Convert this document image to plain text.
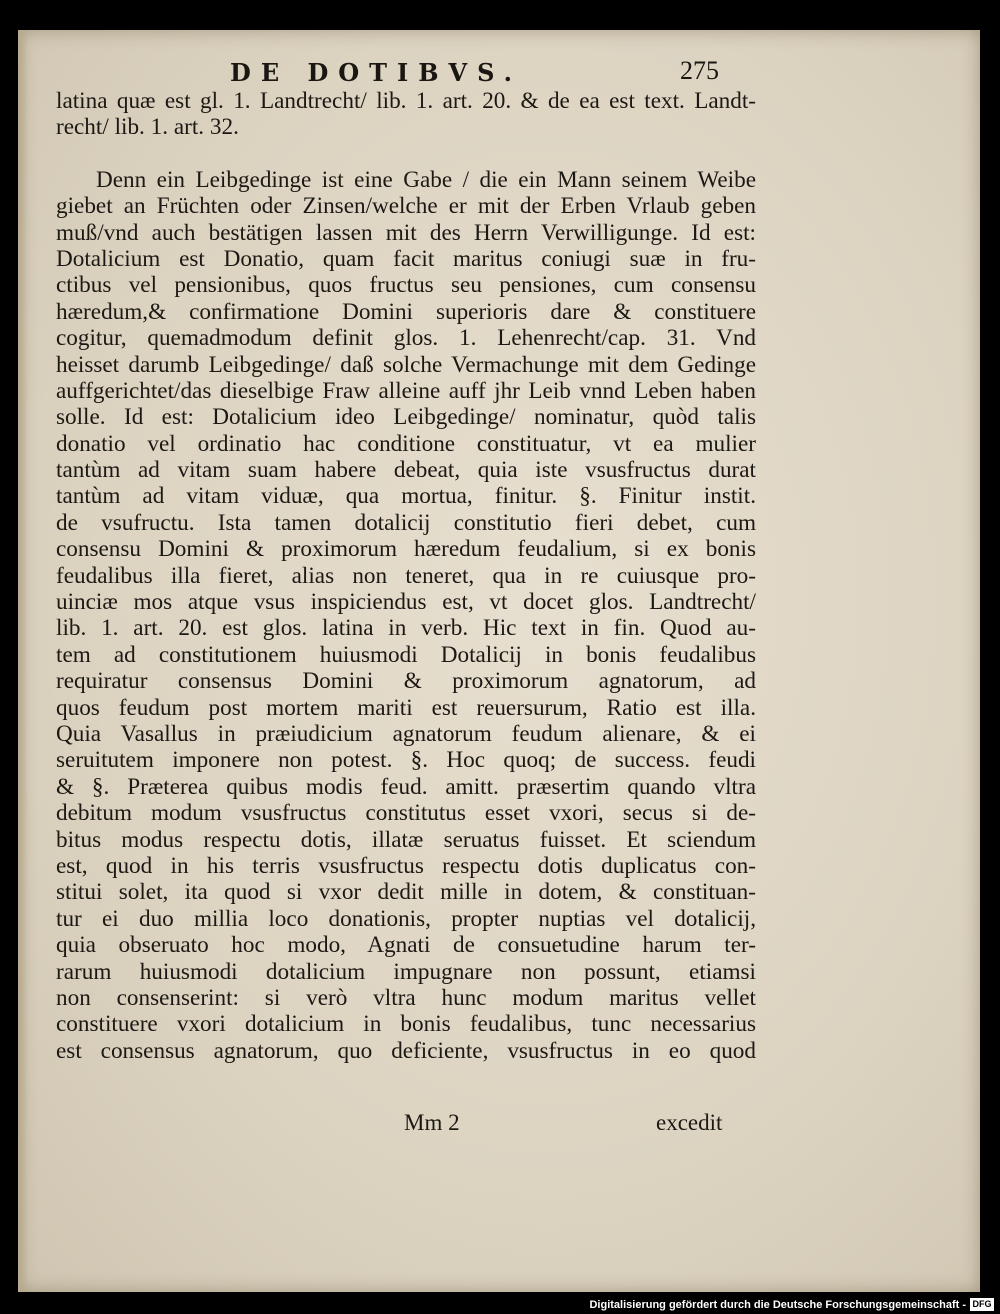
DE DOTIBVS.	275
latina quæ est gl. 1. Landtrecht/ lib. 1. art. 20. & de ea est text. Landt-
recht/ lib. 1. art. 32.
Denn ein Leibgedinge ist eine Gabe / die ein Mann seinem Weibe
giebet an Früchten oder Zinsen/welche er mit der Erben Vrlaub geben
muß/vnd auch bestätigen lassen mit des Herrn Verwilligunge. Id est:
Dotalicium est Donatio, quam facit maritus coniugi suæ in fru-
ctibus vel pensionibus, quos fructus seu pensiones, cum consensu
hæredum,& confirmatione Domini superioris dare & constituere
cogitur, quemadmodum definit glos. 1. Lehenrecht/cap. 31. Vnd
heisset darumb Leibgedinge/ daß solche Vermachunge mit dem Gedinge
auffgerichtet/das dieselbige Fraw alleine auff jhr Leib vnnd Leben haben
solle. Id est: Dotalicium ideo Leibgedinge/ nominatur, quòd talis
donatio vel ordinatio hac conditione constituatur, vt ea mulier
tantùm ad vitam suam habere debeat, quia iste vsusfructus durat
tantùm ad vitam viduæ, qua mortua, finitur. §. Finitur instit.
de vsufructu. Ista tamen dotalicij constitutio fieri debet, cum
consensu Domini & proximorum hæredum feudalium, si ex bonis
feudalibus illa fieret, alias non teneret, qua in re cuiusque pro-
uinciæ mos atque vsus inspiciendus est, vt docet glos. Landtrecht/
lib. 1. art. 20. est glos. latina in verb. Hic text in fin. Quod au-
tem ad constitutionem huiusmodi Dotalicij in bonis feudalibus
requiratur consensus Domini & proximorum agnatorum, ad
quos feudum post mortem mariti est reuersurum, Ratio est illa.
Quia Vasallus in præiudicium agnatorum feudum alienare, & ei
seruitutem imponere non potest. §. Hoc quoq; de success. feudi
& §. Præterea quibus modis feud. amitt. præsertim quando vltra
debitum modum vsusfructus constitutus esset vxori, secus si de-
bitus modus respectu dotis, illatæ seruatus fuisset. Et sciendum
est, quod in his terris vsusfructus respectu dotis duplicatus con-
stitui solet, ita quod si vxor dedit mille in dotem, & constituan-
tur ei duo millia loco donationis, propter nuptias vel dotalicij,
quia obseruato hoc modo, Agnati de consuetudine harum ter-
rarum huiusmodi dotalicium impugnare non possunt, etiamsi
non consenserint: si verò vltra hunc modum maritus vellet
constituere vxori dotalicium in bonis feudalibus, tunc necessarius
est consensus agnatorum, quo deficiente, vsusfructus in eo quod
Mm 2	excedit
Digitalisierung gefördert durch die Deutsche Forschungsgemeinschaft - DFG
